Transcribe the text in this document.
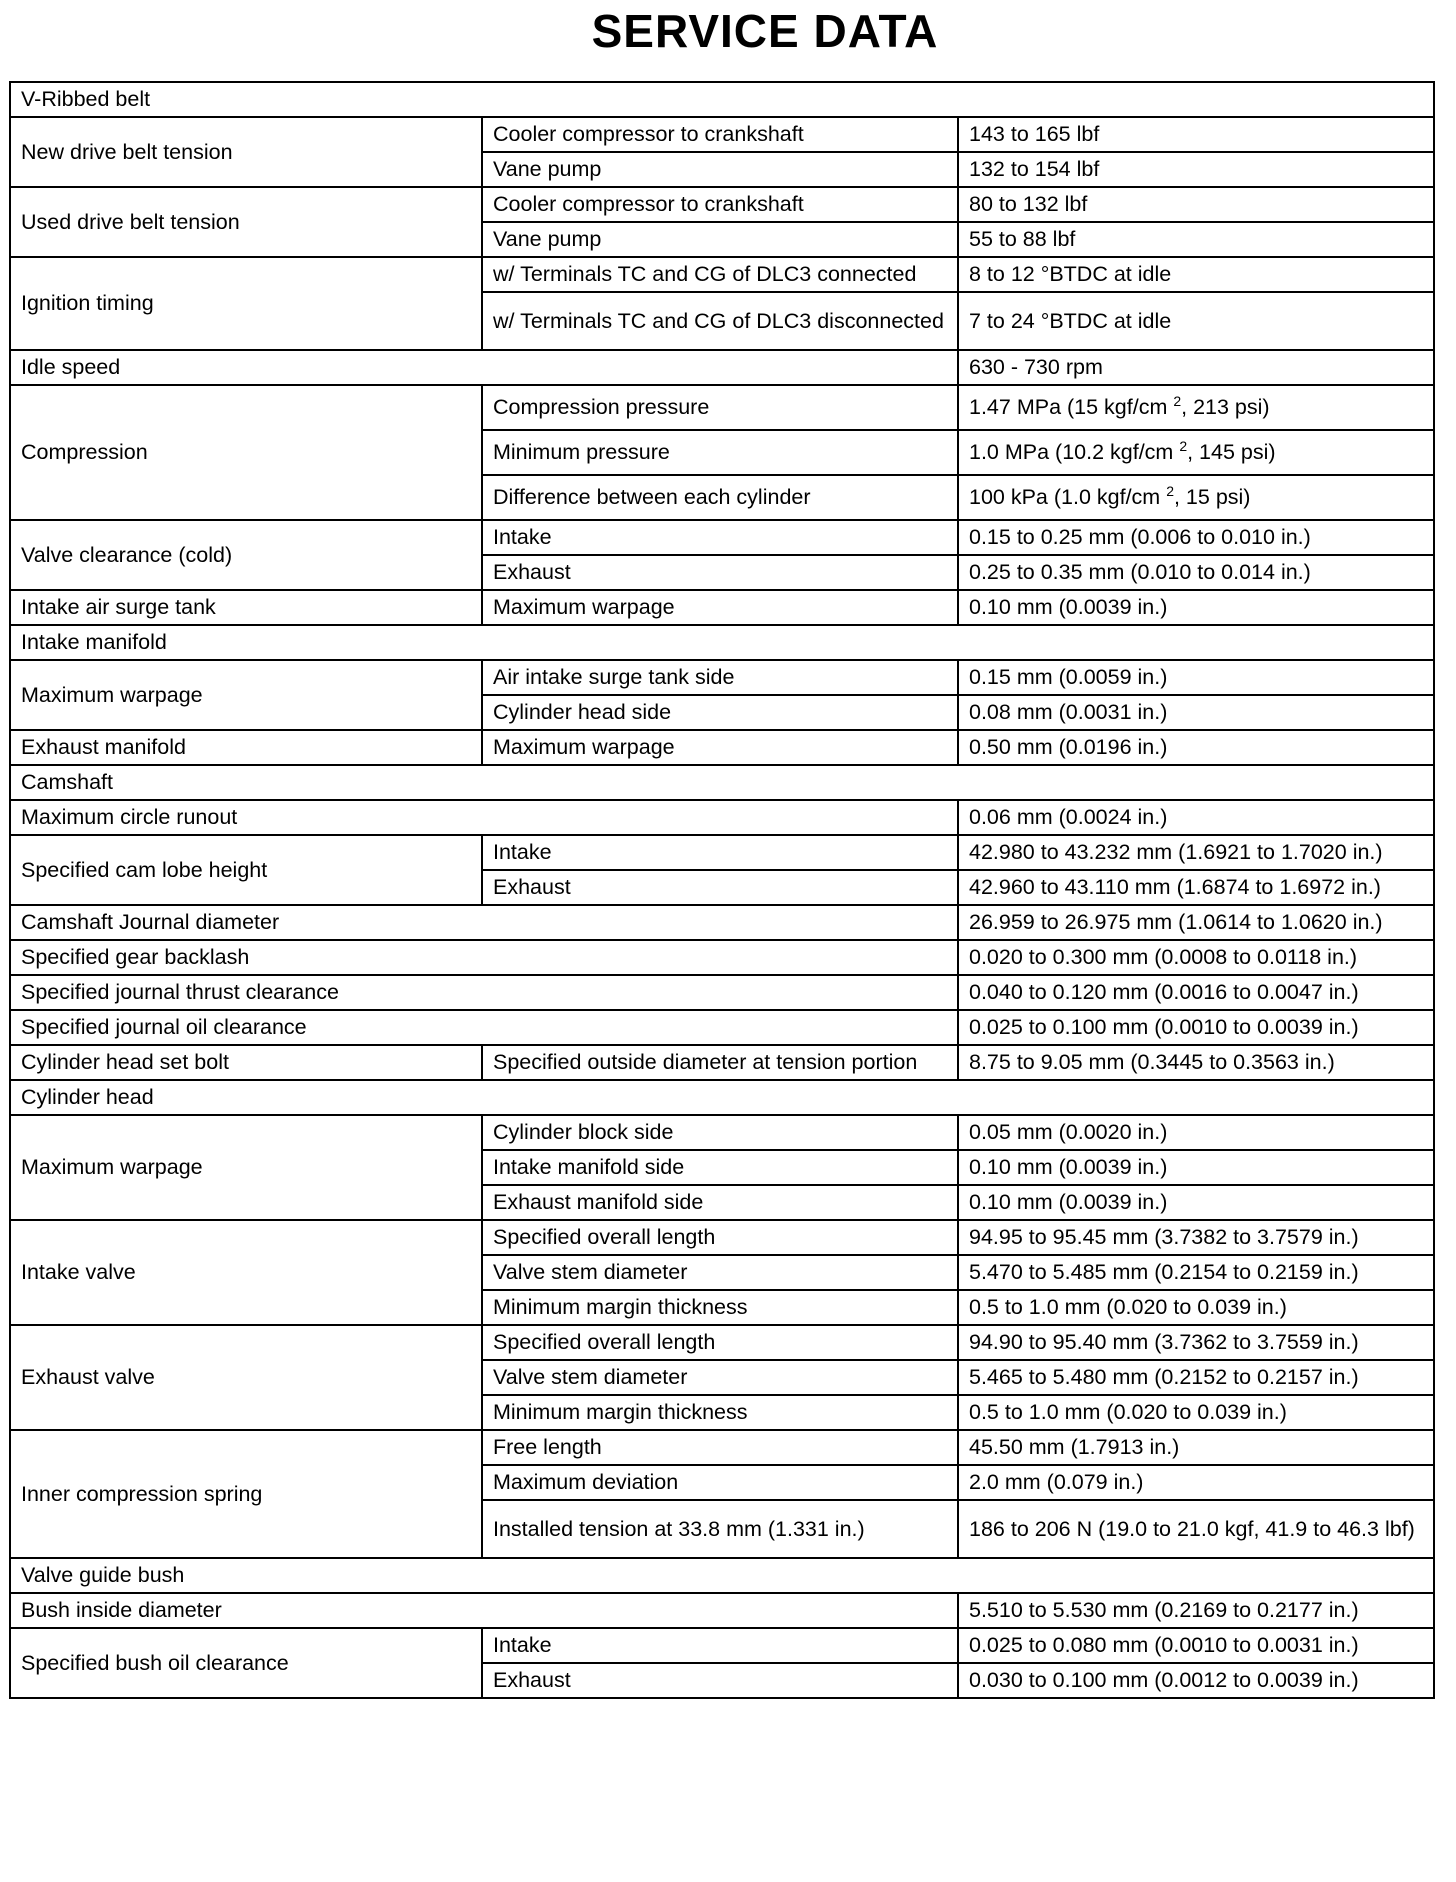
SERVICE DATA
V-Ribbed belt		
New drive belt tension	Cooler compressor to crankshaft	143 to 165 lbf
	Vane pump	132 to 154 lbf
Used drive belt tension	Cooler compressor to crankshaft	80 to 132 lbf
	Vane pump	55 to 88 lbf
Ignition timing	w/ Terminals TC and CG of DLC3 connected	8 to 12 °BTDC at idle
	w/ Terminals TC and CG of DLC3 disconnected	7 to 24 °BTDC at idle
Idle speed		630 - 730 rpm
Compression	Compression pressure	1.47 MPa (15 kgf/cm $^2$, 213 psi)
	Minimum pressure	1.0 MPa (10.2 kgf/cm $^2$, 145 psi)
	Difference between each cylinder	100 kPa (1.0 kgf/cm $^2$, 15 psi)
Valve clearance (cold)	Intake	0.15 to 0.25 mm (0.006 to 0.010 in.)
	Exhaust	0.25 to 0.35 mm (0.010 to 0.014 in.)
Intake air surge tank	Maximum warpage	0.10 mm (0.0039 in.)
Intake manifold		
Maximum warpage	Air intake surge tank side	0.15 mm (0.0059 in.)
	Cylinder head side	0.08 mm (0.0031 in.)
Exhaust manifold	Maximum warpage	0.50 mm (0.0196 in.)
Camshaft		
Maximum circle runout		0.06 mm (0.0024 in.)
Specified cam lobe height	Intake	42.980 to 43.232 mm (1.6921 to 1.7020 in.)
	Exhaust	42.960 to 43.110 mm (1.6874 to 1.6972 in.)
Camshaft Journal diameter		26.959 to 26.975 mm (1.0614 to 1.0620 in.)
Specified gear backlash		0.020 to 0.300 mm (0.0008 to 0.0118 in.)
Specified journal thrust clearance		0.040 to 0.120 mm (0.0016 to 0.0047 in.)
Specified journal oil clearance		0.025 to 0.100 mm (0.0010 to 0.0039 in.)
Cylinder head set bolt	Specified outside diameter at tension portion	8.75 to 9.05 mm (0.3445 to 0.3563 in.)
Cylinder head		
Maximum warpage	Cylinder block side	0.05 mm (0.0020 in.)
	Intake manifold side	0.10 mm (0.0039 in.)
	Exhaust manifold side	0.10 mm (0.0039 in.)
Intake valve	Specified overall length	94.95 to 95.45 mm (3.7382 to 3.7579 in.)
	Valve stem diameter	5.470 to 5.485 mm (0.2154 to 0.2159 in.)
	Minimum margin thickness	0.5 to 1.0 mm (0.020 to 0.039 in.)
Exhaust valve	Specified overall length	94.90 to 95.40 mm (3.7362 to 3.7559 in.)
	Valve stem diameter	5.465 to 5.480 mm (0.2152 to 0.2157 in.)
	Minimum margin thickness	0.5 to 1.0 mm (0.020 to 0.039 in.)
Inner compression spring	Free length	45.50 mm (1.7913 in.)
	Maximum deviation	2.0 mm (0.079 in.)
	Installed tension at 33.8 mm (1.331 in.)	186 to 206 N (19.0 to 21.0 kgf, 41.9 to 46.3 lbf)
Valve guide bush		
Bush inside diameter		5.510 to 5.530 mm (0.2169 to 0.2177 in.)
Specified bush oil clearance	Intake	0.025 to 0.080 mm (0.0010 to 0.0031 in.)
	Exhaust	0.030 to 0.100 mm (0.0012 to 0.0039 in.)
